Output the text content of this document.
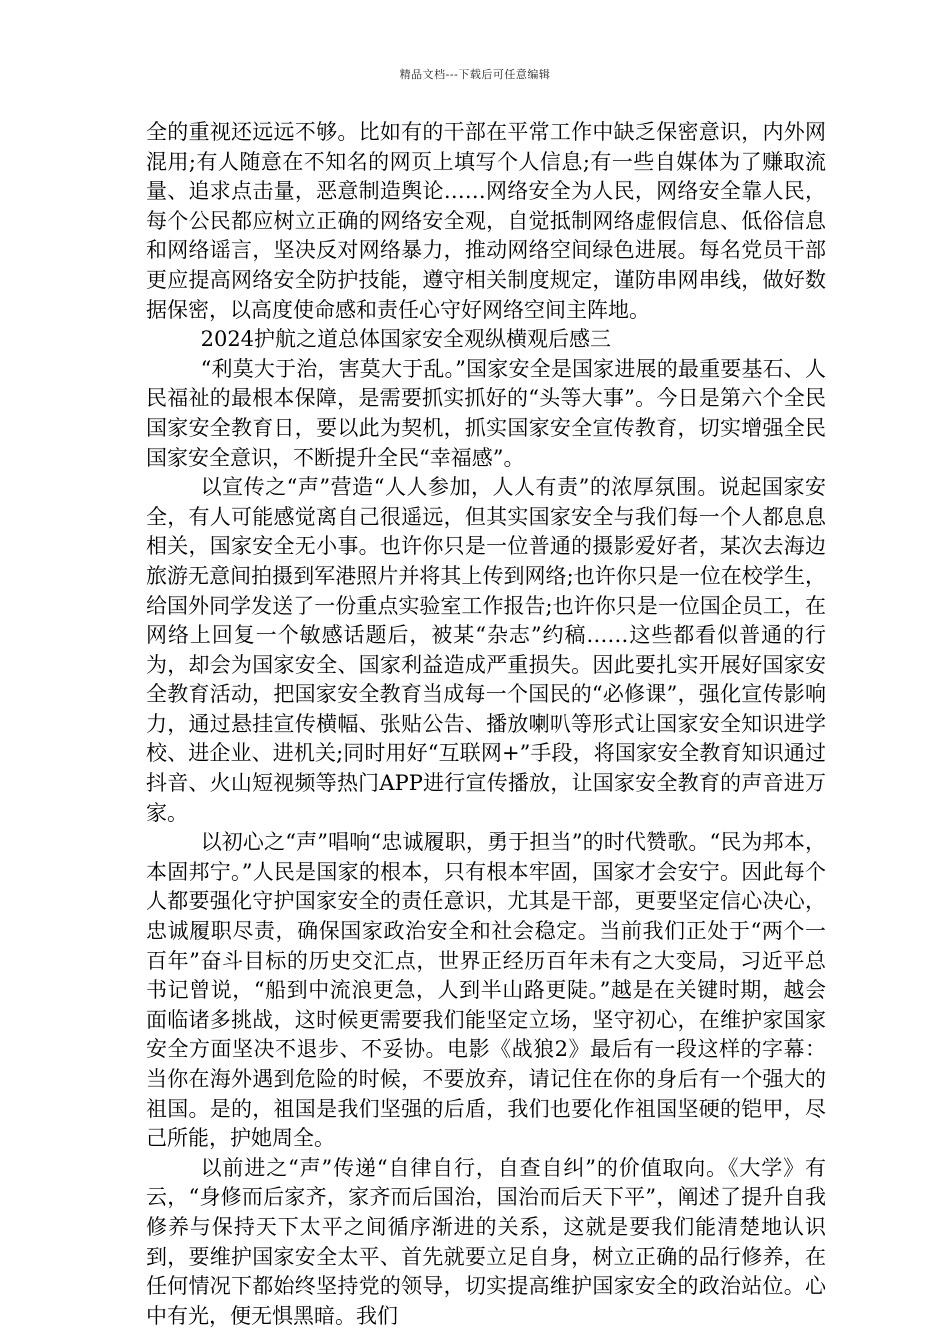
精品文档---下载后可任意编辑

全的重视还远远不够。比如有的干部在平常工作中缺乏保密意识，内外网混用;有人随意在不知名的网页上填写个人信息;有一些自媒体为了赚取流量、追求点击量，恶意制造舆论……网络安全为人民，网络安全靠人民，每个公民都应树立正确的网络安全观，自觉抵制网络虚假信息、低俗信息和网络谣言，坚决反对网络暴力，推动网络空间绿色进展。每名党员干部更应提高网络安全防护技能，遵守相关制度规定，谨防串网串线，做好数据保密，以高度使命感和责任心守好网络空间主阵地。

2024护航之道总体国家安全观纵横观后感三

“利莫大于治，害莫大于乱。”国家安全是国家进展的最重要基石、人民福祉的最根本保障，是需要抓实抓好的“头等大事”。今日是第六个全民国家安全教育日，要以此为契机，抓实国家安全宣传教育，切实增强全民国家安全意识，不断提升全民“幸福感”。

以宣传之“声”营造“人人参加，人人有责”的浓厚氛围。说起国家安全，有人可能感觉离自己很遥远，但其实国家安全与我们每一个人都息息相关，国家安全无小事。也许你只是一位普通的摄影爱好者，某次去海边旅游无意间拍摄到军港照片并将其上传到网络;也许你只是一位在校学生，给国外同学发送了一份重点实验室工作报告;也许你只是一位国企员工，在网络上回复一个敏感话题后，被某“杂志”约稿……这些都看似普通的行为，却会为国家安全、国家利益造成严重损失。因此要扎实开展好国家安全教育活动，把国家安全教育当成每一个国民的“必修课”，强化宣传影响力，通过悬挂宣传横幅、张贴公告、播放喇叭等形式让国家安全知识进学校、进企业、进机关;同时用好“互联网+”手段，将国家安全教育知识通过抖音、火山短视频等热门APP进行宣传播放，让国家安全教育的声音进万家。

以初心之“声”唱响“忠诚履职，勇于担当”的时代赞歌。“民为邦本，本固邦宁。”人民是国家的根本，只有根本牢固，国家才会安宁。因此每个人都要强化守护国家安全的责任意识，尤其是干部，更要坚定信心决心，忠诚履职尽责，确保国家政治安全和社会稳定。当前我们正处于“两个一百年”奋斗目标的历史交汇点，世界正经历百年未有之大变局，习近平总书记曾说，“船到中流浪更急，人到半山路更陡。”越是在关键时期，越会面临诸多挑战，这时候更需要我们能坚定立场，坚守初心，在维护家国家安全方面坚决不退步、不妥协。电影《战狼2》最后有一段这样的字幕：当你在海外遇到危险的时候，不要放弃，请记住在你的身后有一个强大的祖国。是的，祖国是我们坚强的后盾，我们也要化作祖国坚硬的铠甲，尽己所能，护她周全。

以前进之“声”传递“自律自行，自查自纠”的价值取向。《大学》有云，“身修而后家齐，家齐而后国治，国治而后天下平”，阐述了提升自我修养与保持天下太平之间循序渐进的关系，这就是要我们能清楚地认识到，要维护国家安全太平、首先就要立足自身，树立正确的品行修养，在任何情况下都始终坚持党的领导，切实提高维护国家安全的政治站位。心中有光，便无惧黑暗。我们
